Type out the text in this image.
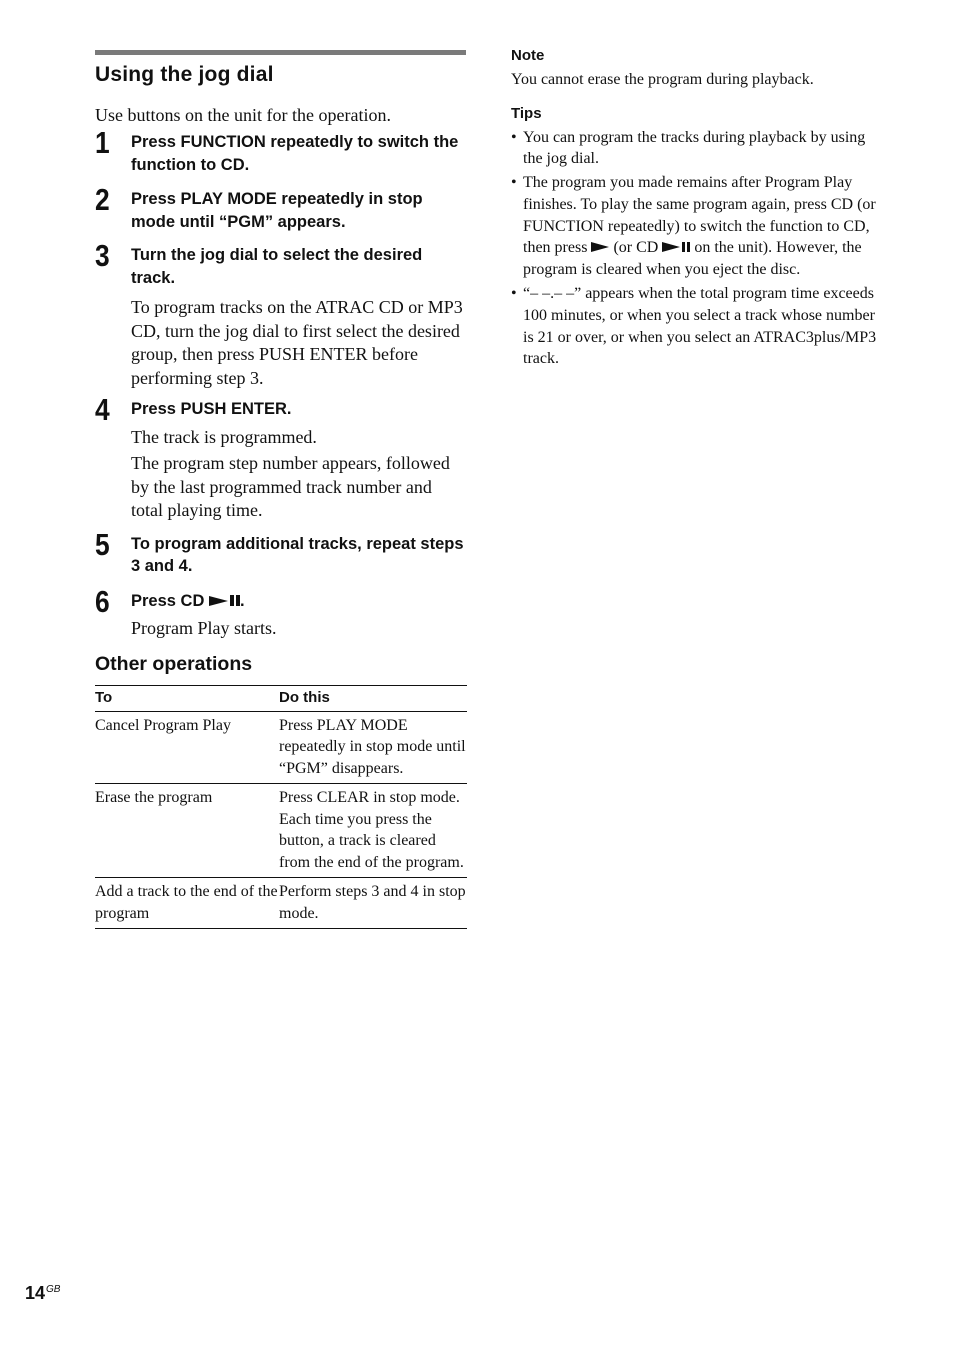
Using the jog dial

Use buttons on the unit for the operation.

1 Press FUNCTION repeatedly to switch the function to CD.
2 Press PLAY MODE repeatedly in stop mode until “PGM” appears.
3 Turn the jog dial to select the desired track.

To program tracks on the ATRAC CD or MP3 CD, turn the jog dial to first select the desired group, then press PUSH ENTER before performing step 3.

4 Press PUSH ENTER.

The track is programmed.

The program step number appears, followed by the last programmed track number and total playing time.

5 To program additional tracks, repeat steps 3 and 4.
6 Press CD .

Program Play starts.

Other operations
To	Do this
Cancel Program Play	Press PLAY MODE repeatedly in stop mode until “PGM” disappears.
Erase the program	Press CLEAR in stop mode. Each time you press the button, a track is cleared from the end of the program.
Add a track to the end of the program	Perform steps 3 and 4 in stop mode.
Note

You cannot erase the program during playback.

Tips
• You can program the tracks during playback by using the jog dial.
• The program you made remains after Program Play finishes. To play the same program again, press CD (or FUNCTION repeatedly) to switch the function to CD, then press  (or CD  on the unit). However, the program is cleared when you eject the disc.
• “– –.– –” appears when the total program time exceeds 100 minutes, or when you select a track whose number is 21 or over, or when you select an ATRAC3plus/MP3 track.
$14^{GB}$
